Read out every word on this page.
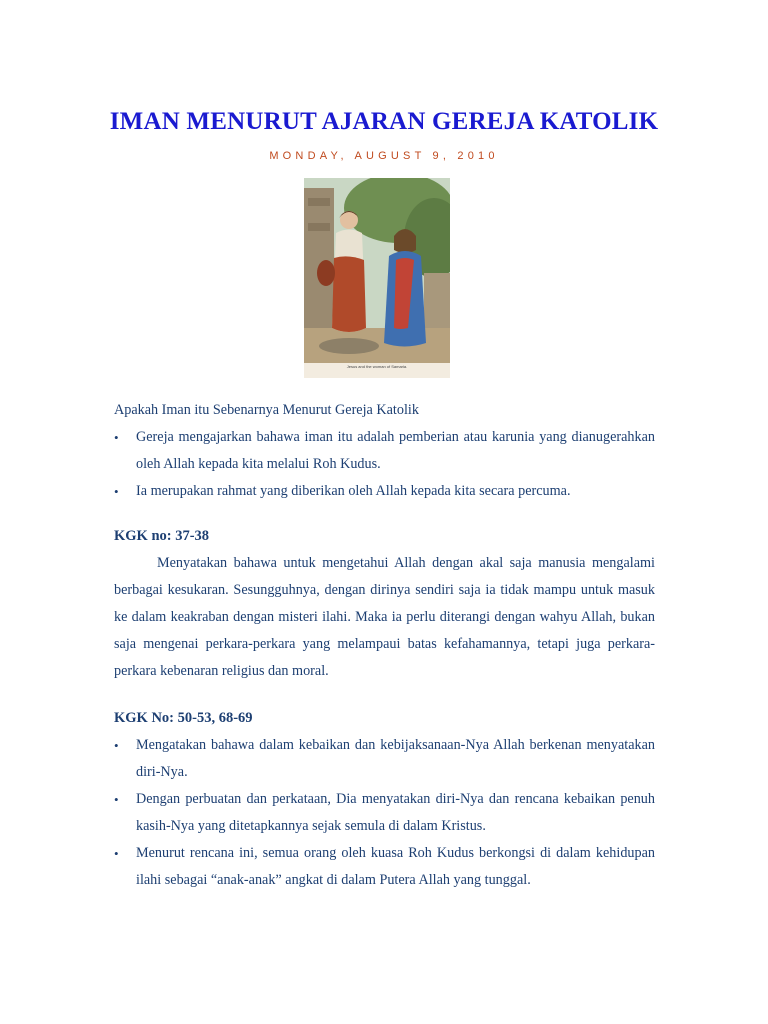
IMAN MENURUT AJARAN GEREJA KATOLIK
MONDAY, AUGUST 9, 2010
Jesus and the woman of Samaria.

Apakah Iman itu Sebenarnya Menurut Gereja Katolik

• Gereja mengajarkan bahawa iman itu adalah pemberian atau karunia yang dianugerahkan oleh Allah kepada kita melalui Roh Kudus.
• Ia merupakan rahmat yang diberikan oleh Allah kepada kita secara percuma.
KGK no: 37-38

Menyatakan bahawa untuk mengetahui Allah dengan akal saja manusia mengalami berbagai kesukaran. Sesungguhnya, dengan dirinya sendiri saja ia tidak mampu untuk masuk ke dalam keakraban dengan misteri ilahi. Maka ia perlu diterangi dengan wahyu Allah, bukan saja mengenai perkara-perkara yang melampaui batas kefahamannya, tetapi juga perkara-perkara kebenaran religius dan moral.

KGK No: 50-53, 68-69
• Mengatakan bahawa dalam kebaikan dan kebijaksanaan-Nya Allah berkenan menyatakan diri-Nya.
• Dengan perbuatan dan perkataan, Dia menyatakan diri-Nya dan rencana kebaikan penuh kasih-Nya yang ditetapkannya sejak semula di dalam Kristus.
• Menurut rencana ini, semua orang oleh kuasa Roh Kudus berkongsi di dalam kehidupan ilahi sebagai “anak-anak” angkat di dalam Putera Allah yang tunggal.
